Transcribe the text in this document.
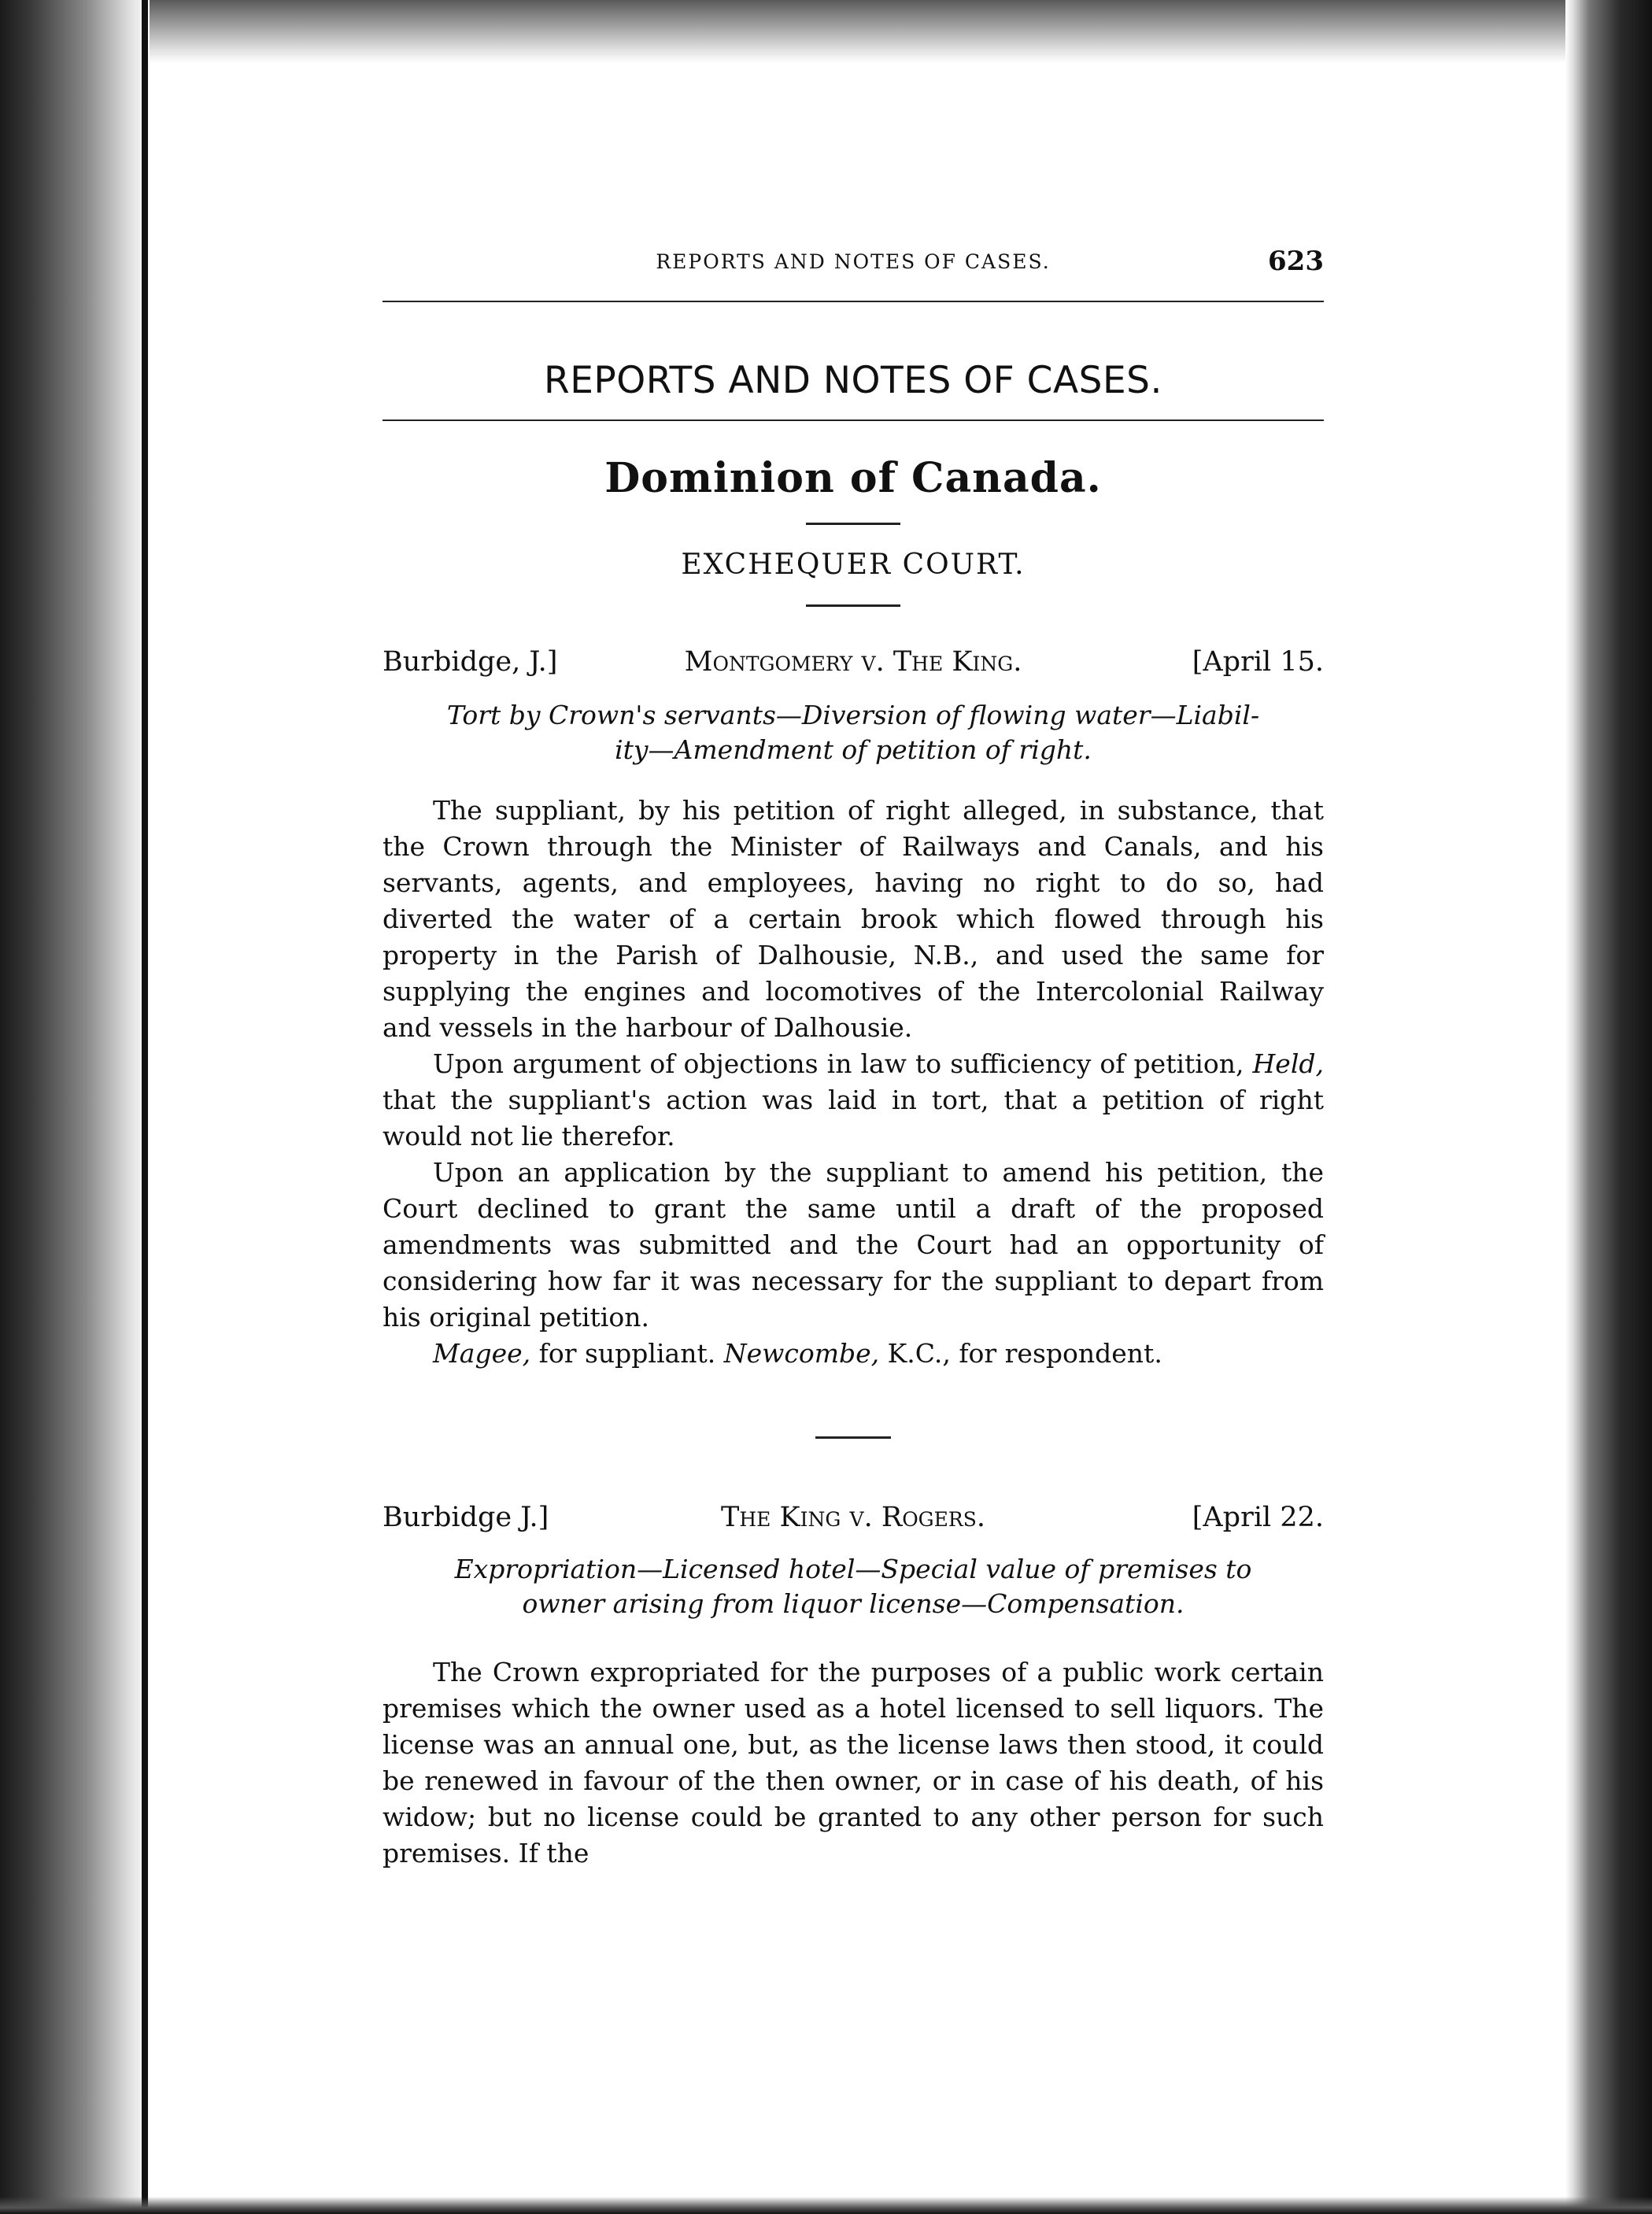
REPORTS AND NOTES OF CASES.	623
REPORTS AND NOTES OF CASES.
Dominion of Canada.
EXCHEQUER COURT.
Burbidge, J.]	Montgomery v. The King.	[April 15.
Tort by Crown's servants—Diversion of flowing water—Liabil-
ity—Amendment of petition of right.

The suppliant, by his petition of right alleged, in substance, that the Crown through the Minister of Railways and Canals, and his servants, agents, and employees, having no right to do so, had diverted the water of a certain brook which flowed through his property in the Parish of Dalhousie, N.B., and used the same for supplying the engines and locomotives of the Intercolonial Railway and vessels in the harbour of Dalhousie.

Upon argument of objections in law to sufficiency of petition, Held, that the suppliant's action was laid in tort, that a petition of right would not lie therefor.

Upon an application by the suppliant to amend his petition, the Court declined to grant the same until a draft of the proposed amendments was submitted and the Court had an opportunity of considering how far it was necessary for the suppliant to depart from his original petition.

Magee, for suppliant. Newcombe, K.C., for respondent.

Burbidge J.]	The King v. Rogers.	[April 22.
Expropriation—Licensed hotel—Special value of premises to
owner arising from liquor license—Compensation.

The Crown expropriated for the purposes of a public work certain premises which the owner used as a hotel licensed to sell liquors. The license was an annual one, but, as the license laws then stood, it could be renewed in favour of the then owner, or in case of his death, of his widow; but no license could be granted to any other person for such premises. If the
